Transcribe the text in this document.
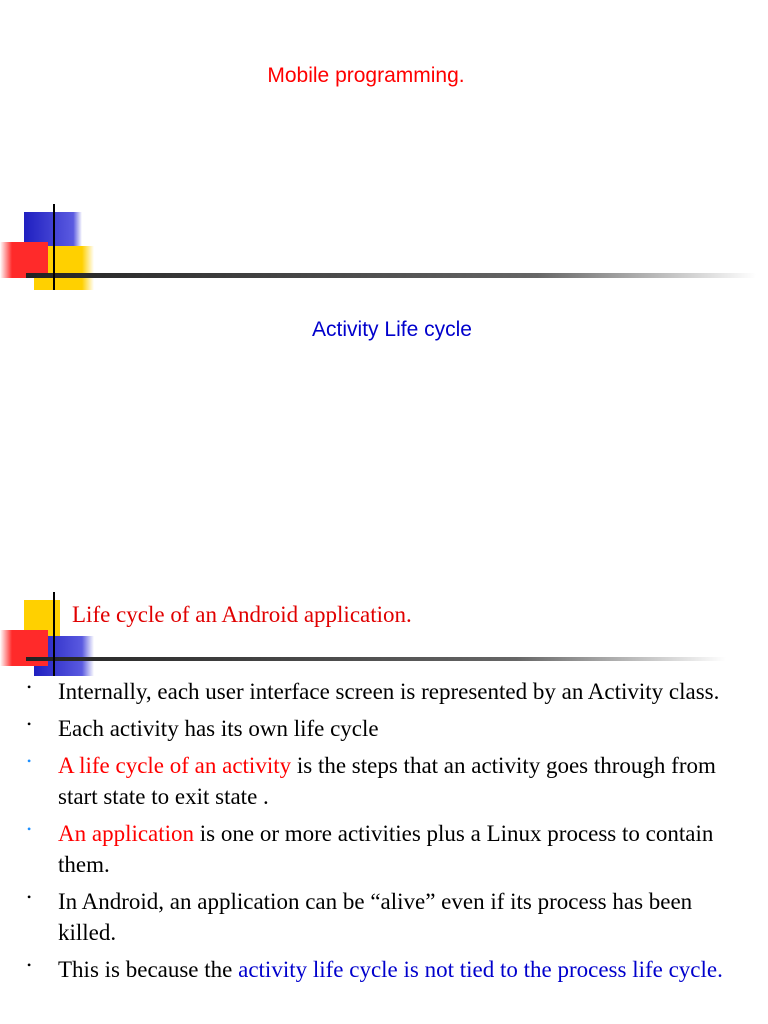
Mobile programming.
Activity Life cycle
Life cycle of an Android application.
• Internally, each user interface screen is represented by an Activity class.
• Each activity has its own life cycle
• A life cycle of an activity is the steps that an activity goes through from start state to exit state .
• An application is one or more activities plus a Linux process to contain them.
• In Android, an application can be “alive” even if its process has been killed.
• This is because the activity life cycle is not tied to the process life cycle.
